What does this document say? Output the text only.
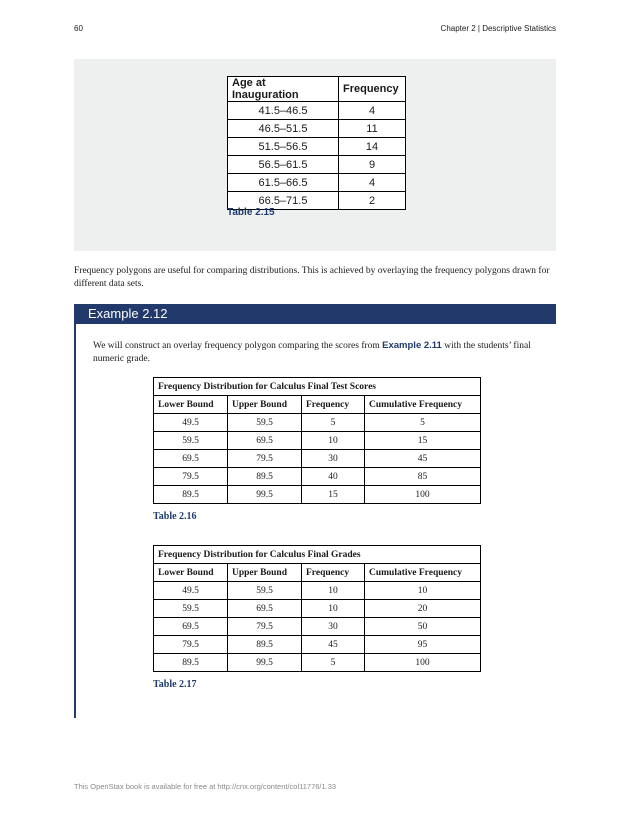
60	Chapter 2 | Descriptive Statistics
Age at Inauguration	Frequency
41.5–46.5	4
46.5–51.5	11
51.5–56.5	14
56.5–61.5	9
61.5–66.5	4
66.5–71.5	2
Table 2.15
Frequency polygons are useful for comparing distributions. This is achieved by overlaying the frequency polygons drawn for different data sets.
Example 2.12
We will construct an overlay frequency polygon comparing the scores from Example 2.11 with the students’ final numeric grade.
Frequency Distribution for Calculus Final Test Scores			
Lower Bound	Upper Bound	Frequency	Cumulative Frequency
49.5	59.5	5	5
59.5	69.5	10	15
69.5	79.5	30	45
79.5	89.5	40	85
89.5	99.5	15	100
Table 2.16
Frequency Distribution for Calculus Final Grades			
Lower Bound	Upper Bound	Frequency	Cumulative Frequency
49.5	59.5	10	10
59.5	69.5	10	20
69.5	79.5	30	50
79.5	89.5	45	95
89.5	99.5	5	100
Table 2.17
This OpenStax book is available for free at http://cnx.org/content/col11776/1.33
